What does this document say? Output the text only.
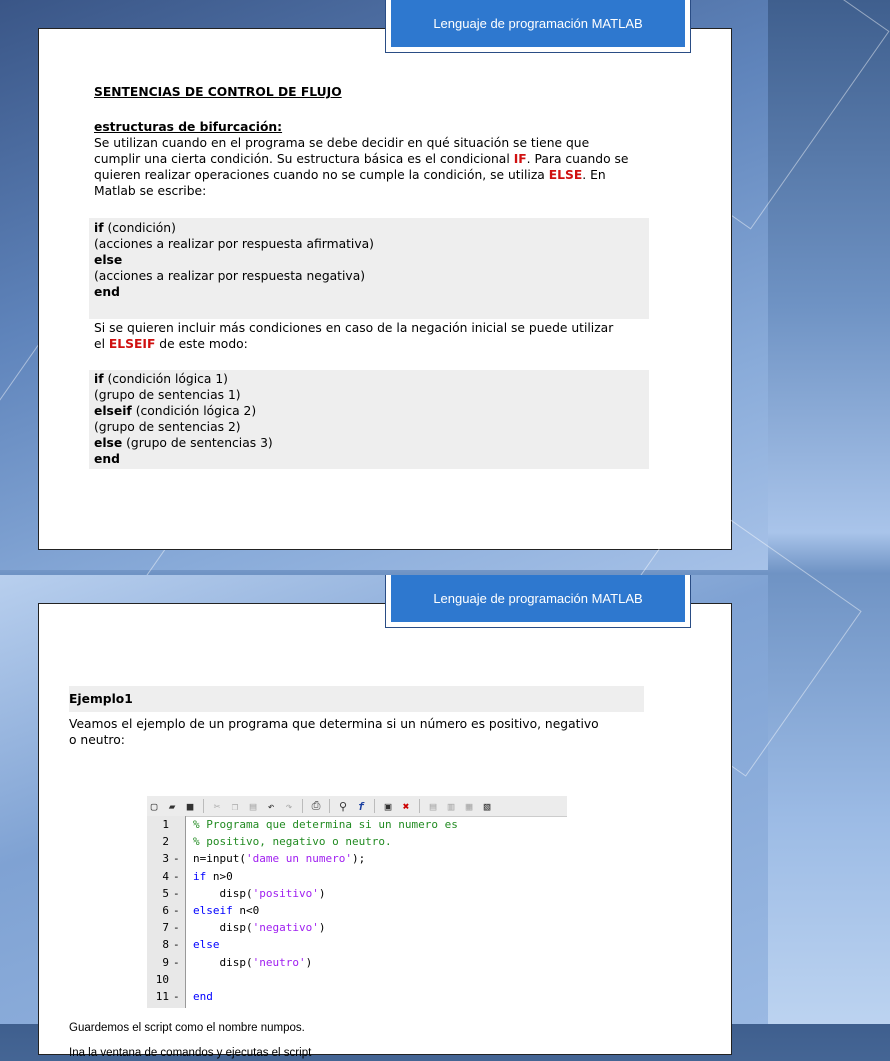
SENTENCIAS DE CONTROL DE FLUJO
estructuras de bifurcación:
Se utilizan cuando en el programa se debe decidir en qué situación se tiene que
cumplir una cierta condición. Su estructura básica es el condicional IF. Para cuando se
quieren realizar operaciones cuando no se cumple la condición, se utiliza ELSE. En
Matlab se escribe:
if (condición)
(acciones a realizar por respuesta afirmativa)
else
(acciones a realizar por respuesta negativa)
end
Si se quieren incluir más condiciones en caso de la negación inicial se puede utilizar
el ELSEIF de este modo:
if (condición lógica 1)
(grupo de sentencias 1)
elseif (condición lógica 2)
(grupo de sentencias 2)
else (grupo de sentencias 3)
end
Lenguaje de programación MATLAB
Ejemplo1
Veamos el ejemplo de un programa que determina si un número es positivo, negativo
o neutro:
▢	▰	■	✂	❐	▤	↶	↷	⎙ ⚲ f	▣	✖	▤	▥	▦	▧
1 % Programa que determina si un numero es
2 % positivo, negativo o neutro.
3 - n=input('dame un numero');
4 - if n>0
5 - disp('positivo')
6 - elseif n<0
7 - disp('negativo')
8 - else
9 - disp('neutro')
10
11 - end
Guardemos el script como el nombre numpos.
Ina la ventana de comandos y ejecutas el script
Lenguaje de programación MATLAB
